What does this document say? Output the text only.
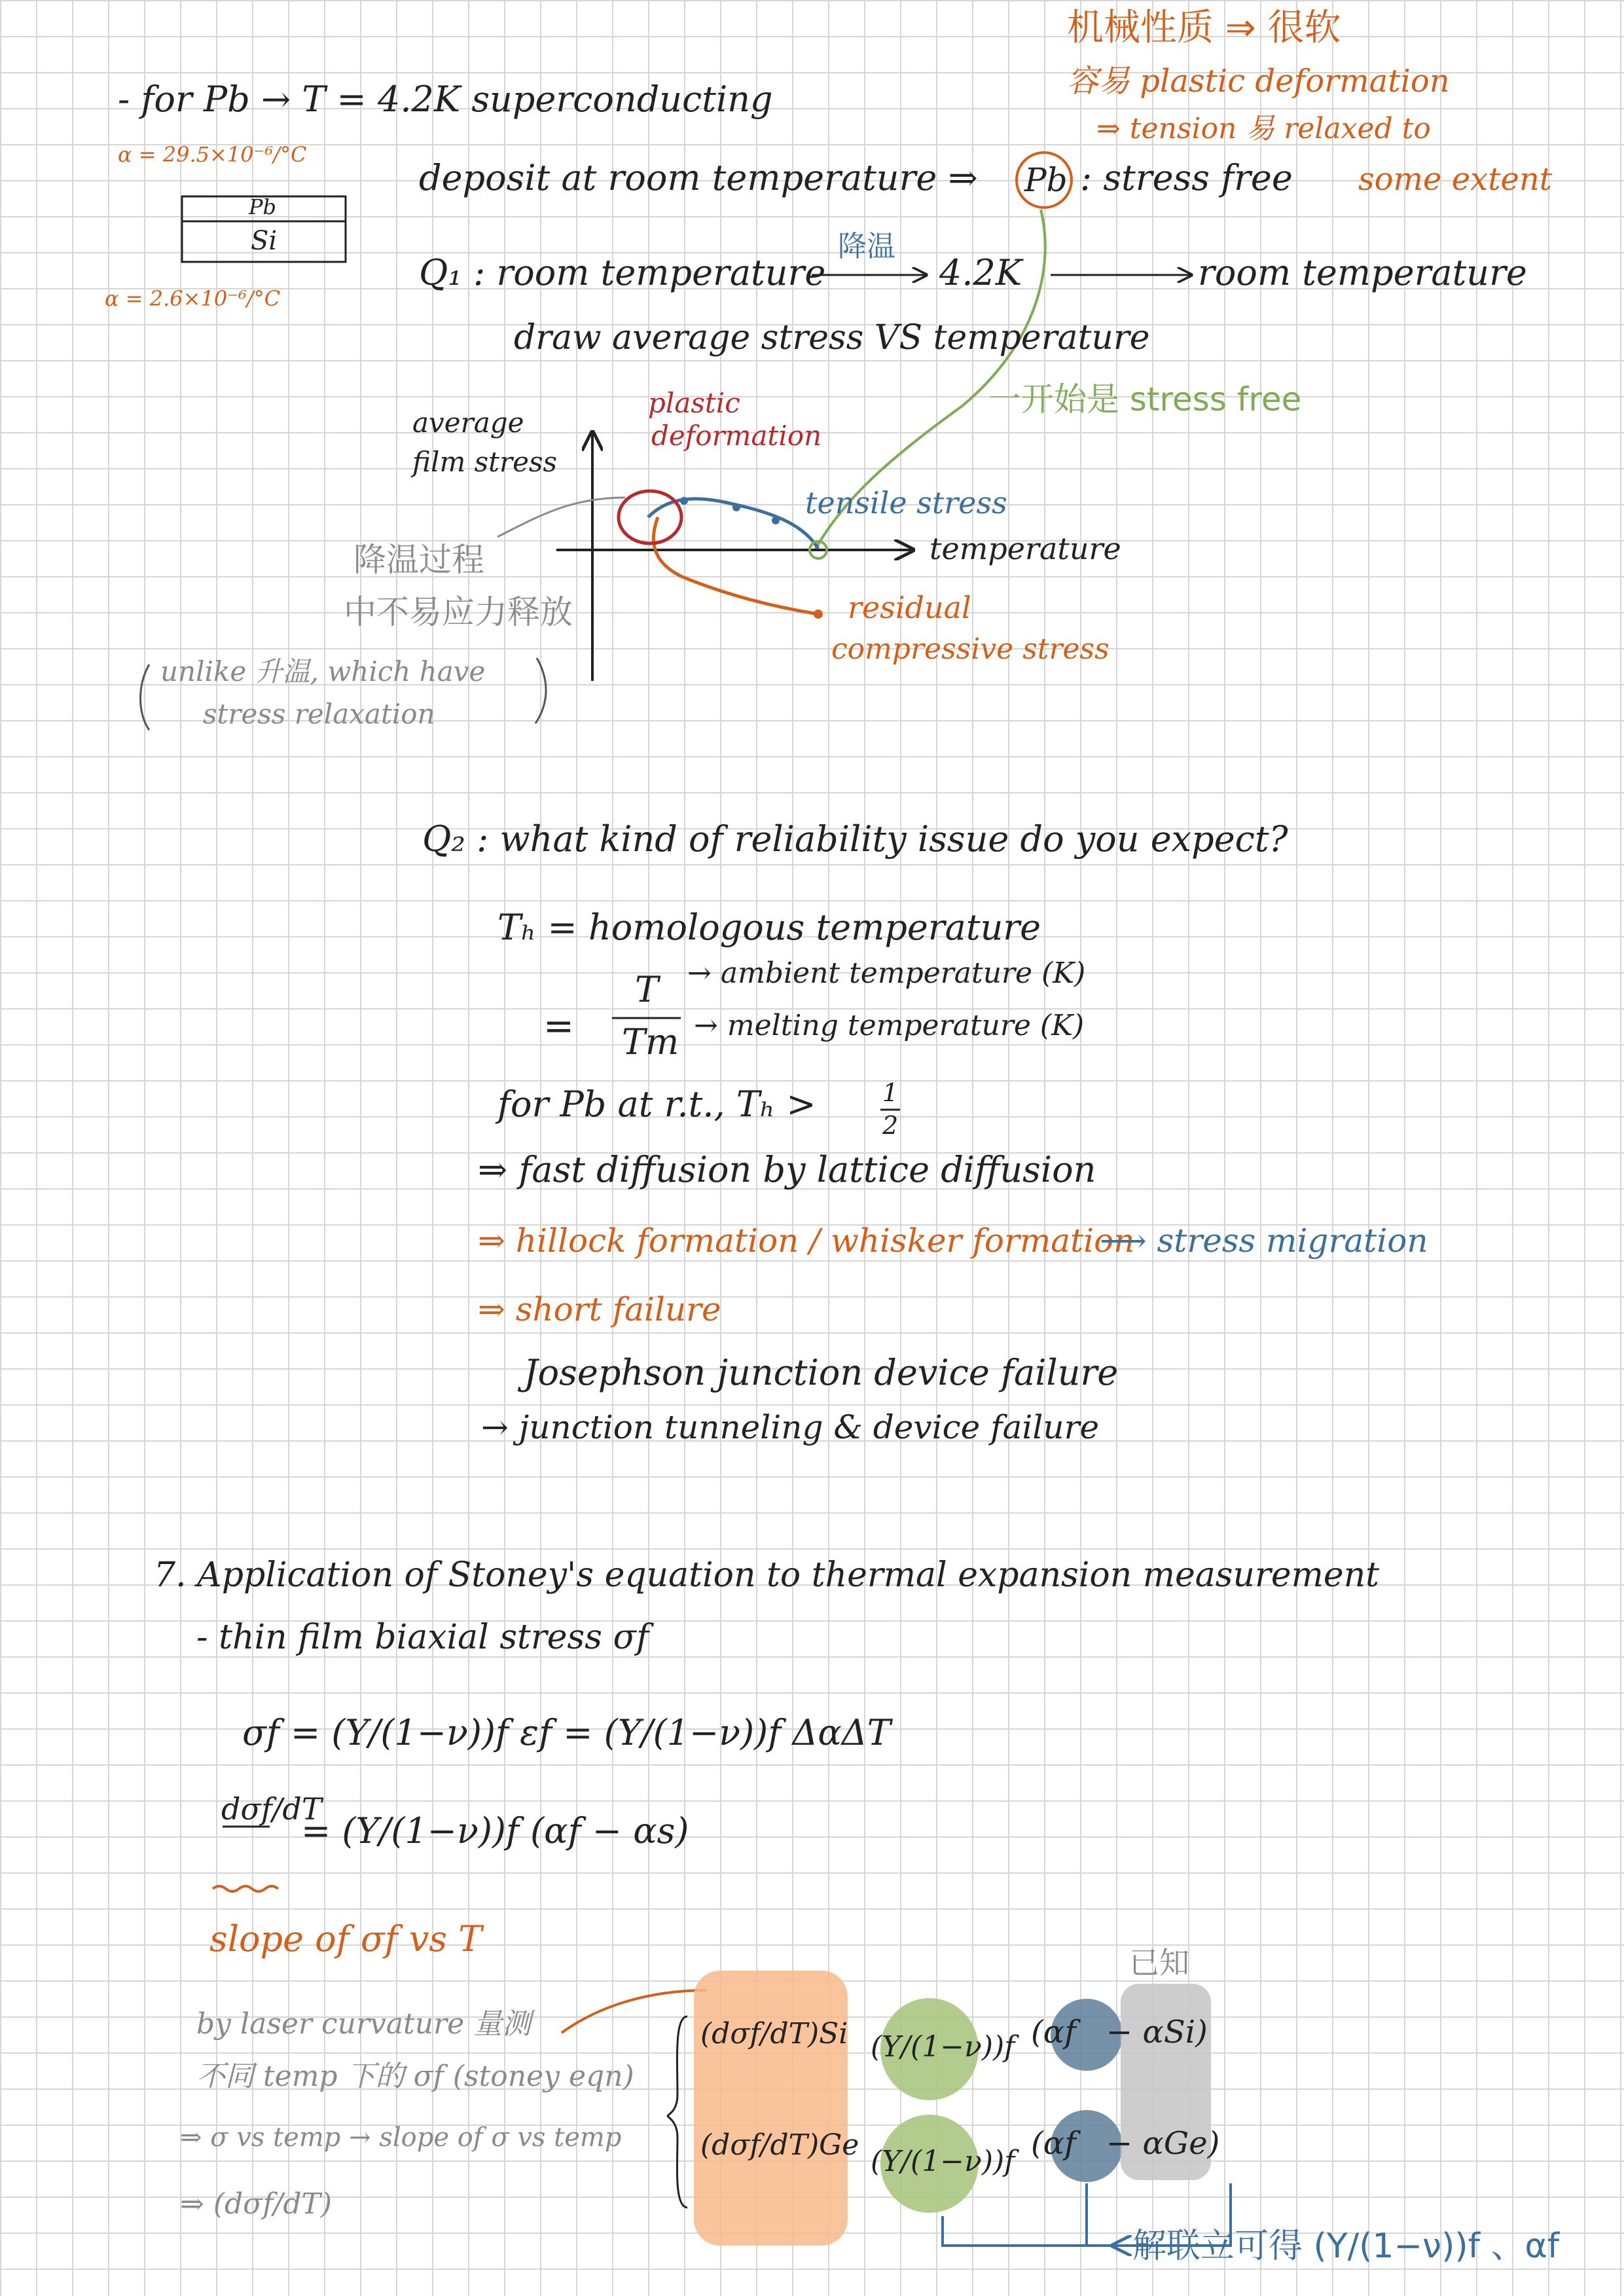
- for Pb → T = 4.2K superconducting
α = 29.5×10⁻⁶/°C
Pb
Si
α = 2.6×10⁻⁶/°C
deposit at room temperature ⇒ Pb : stress free
机械性质 ⇒ 很软
容易 plastic deformation
⇒ tension 易 relaxed to
some extent
Q₁ : room temperature
降温
4.2K	room temperature
draw average stress VS temperature
一开始是 stress free
average
film stress
temperature
plastic
deformation
tensile stress
residual
compressive stress
降温过程
中不易应力释放
unlike 升温, which have
stress relaxation
Q₂ : what kind of reliability issue do you expect?
Tₕ = homologous temperature
=
T
Tm
→ ambient temperature (K)
→ melting temperature (K)
for Pb at r.t., Tₕ >	1
2
⇒ fast diffusion by lattice diffusion
⇒ hillock formation / whisker formation
⟶ stress migration
⇒ short failure
Josephson junction device failure
→ junction tunneling & device failure
7. Application of Stoney's equation to thermal expansion measurement
- thin film biaxial stress σf
σf = (Y/(1−ν))f εf = (Y/(1−ν))f ΔαΔT
dσf/dT
= (Y/(1−ν))f (αf − αs)
slope of σf vs T
by laser curvature 量测
不同 temp 下的 σf (stoney eqn)
⇒ σ vs temp → slope of σ vs temp
⇒ (dσf/dT)
已知
(dσf/dT)Si (Y/(1−ν))f (αf − αSi)
(dσf/dT)Ge (Y/(1−ν))f (αf − αGe)
解联立可得 (Y/(1−ν))f 、αf
